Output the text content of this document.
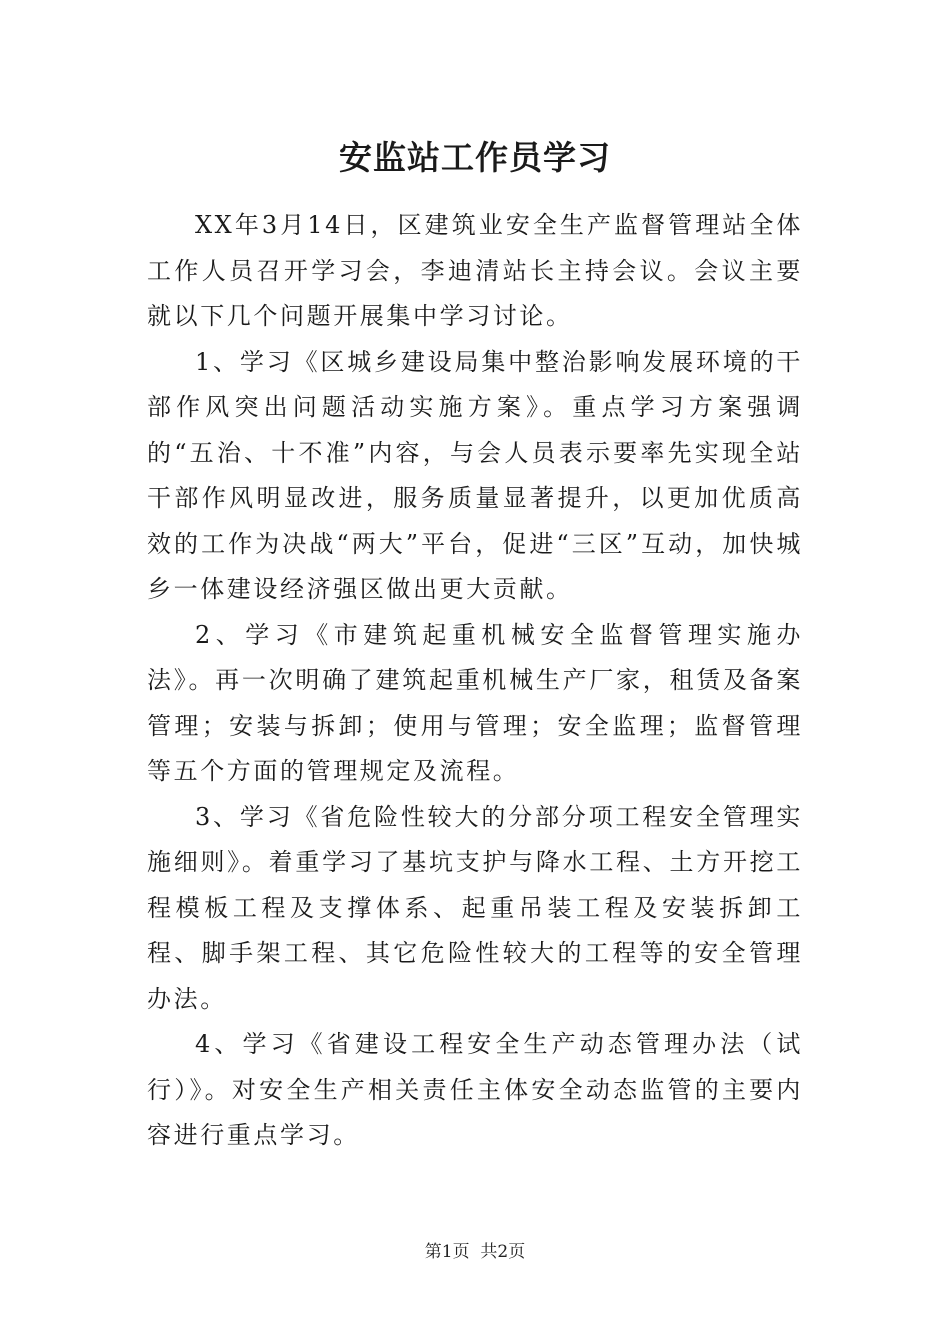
安监站工作员学习

XX年3月14日，区建筑业安全生产监督管理站全体工作人员召开学习会，李迪清站长主持会议。会议主要就以下几个问题开展集中学习讨论。

1、学习《区城乡建设局集中整治影响发展环境的干部作风突出问题活动实施方案》。重点学习方案强调的“五治、十不准”内容，与会人员表示要率先实现全站干部作风明显改进，服务质量显著提升，以更加优质高效的工作为决战“两大”平台，促进“三区”互动，加快城乡一体建设经济强区做出更大贡献。

2、学习《市建筑起重机械安全监督管理实施办法》。再一次明确了建筑起重机械生产厂家，租赁及备案管理；安装与拆卸；使用与管理；安全监理；监督管理等五个方面的管理规定及流程。

3、学习《省危险性较大的分部分项工程安全管理实施细则》。着重学习了基坑支护与降水工程、土方开挖工程模板工程及支撑体系、起重吊装工程及安装拆卸工程、脚手架工程、其它危险性较大的工程等的安全管理办法。

4、学习《省建设工程安全生产动态管理办法（试行）》。对安全生产相关责任主体安全动态监管的主要内容进行重点学习。

第1页 共2页
